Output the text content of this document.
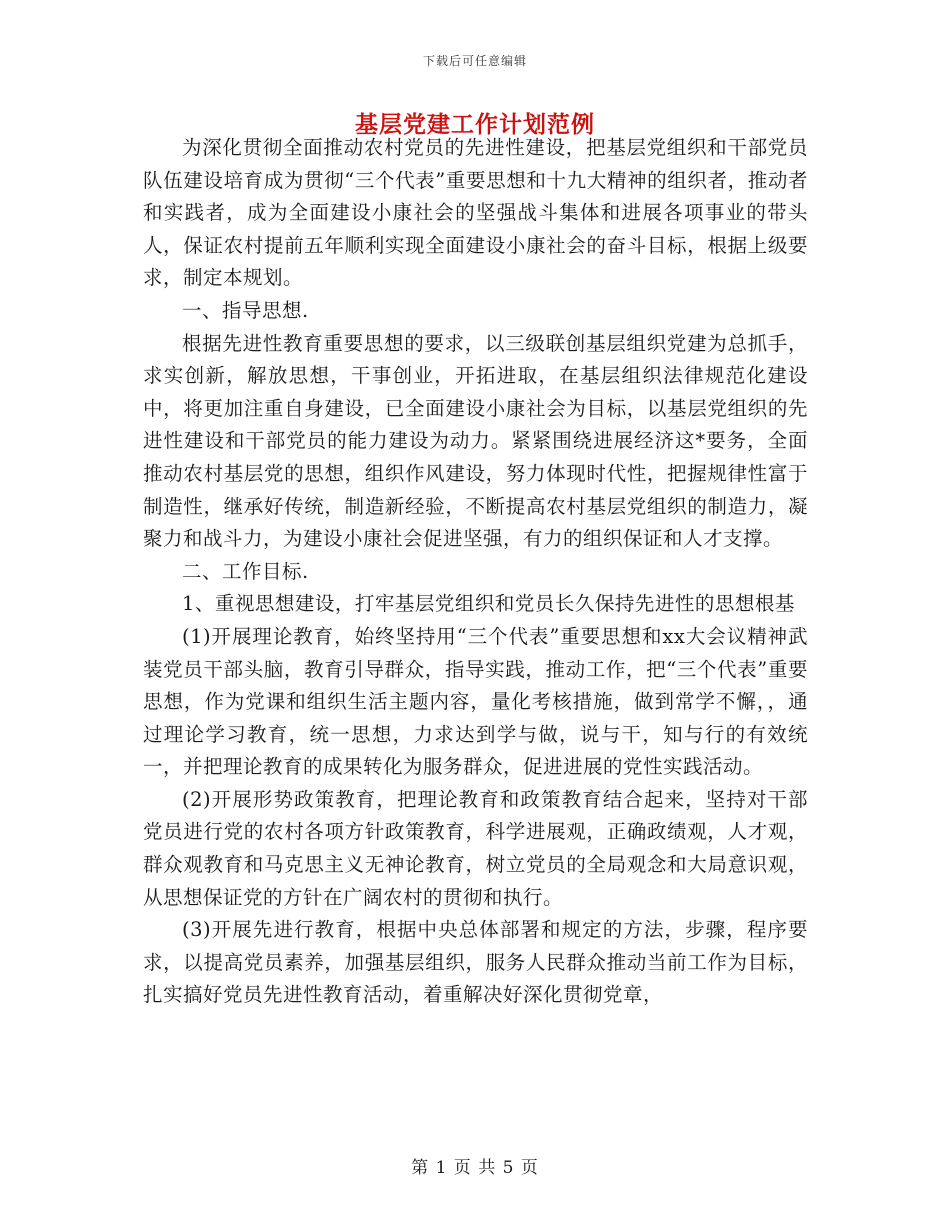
下载后可任意编辑
基层党建工作计划范例

为深化贯彻全面推动农村党员的先进性建设，把基层党组织和干部党员队伍建设培育成为贯彻“三个代表”重要思想和十九大精神的组织者，推动者和实践者，成为全面建设小康社会的坚强战斗集体和进展各项事业的带头人，保证农村提前五年顺利实现全面建设小康社会的奋斗目标，根据上级要求，制定本规划。

一、指导思想.

根据先进性教育重要思想的要求，以三级联创基层组织党建为总抓手，求实创新，解放思想，干事创业，开拓进取，在基层组织法律规范化建设中，将更加注重自身建设，已全面建设小康社会为目标，以基层党组织的先进性建设和干部党员的能力建设为动力。紧紧围绕进展经济这*要务，全面推动农村基层党的思想，组织作风建设，努力体现时代性，把握规律性富于制造性，继承好传统，制造新经验，不断提高农村基层党组织的制造力，凝聚力和战斗力，为建设小康社会促进坚强，有力的组织保证和人才支撑。

二、工作目标.

1、重视思想建设，打牢基层党组织和党员长久保持先进性的思想根基

(1)开展理论教育，始终坚持用“三个代表”重要思想和xx大会议精神武装党员干部头脑，教育引导群众，指导实践，推动工作，把“三个代表”重要思想，作为党课和组织生活主题内容，量化考核措施，做到常学不懈，，通过理论学习教育，统一思想，力求达到学与做，说与干，知与行的有效统一，并把理论教育的成果转化为服务群众，促进进展的党性实践活动。

(2)开展形势政策教育，把理论教育和政策教育结合起来，坚持对干部党员进行党的农村各项方针政策教育，科学进展观，正确政绩观，人才观，群众观教育和马克思主义无神论教育，树立党员的全局观念和大局意识观，从思想保证党的方针在广阔农村的贯彻和执行。

(3)开展先进行教育，根据中央总体部署和规定的方法，步骤，程序要求，以提高党员素养，加强基层组织，服务人民群众推动当前工作为目标，扎实搞好党员先进性教育活动，着重解决好深化贯彻党章，

第 1 页 共 5 页
